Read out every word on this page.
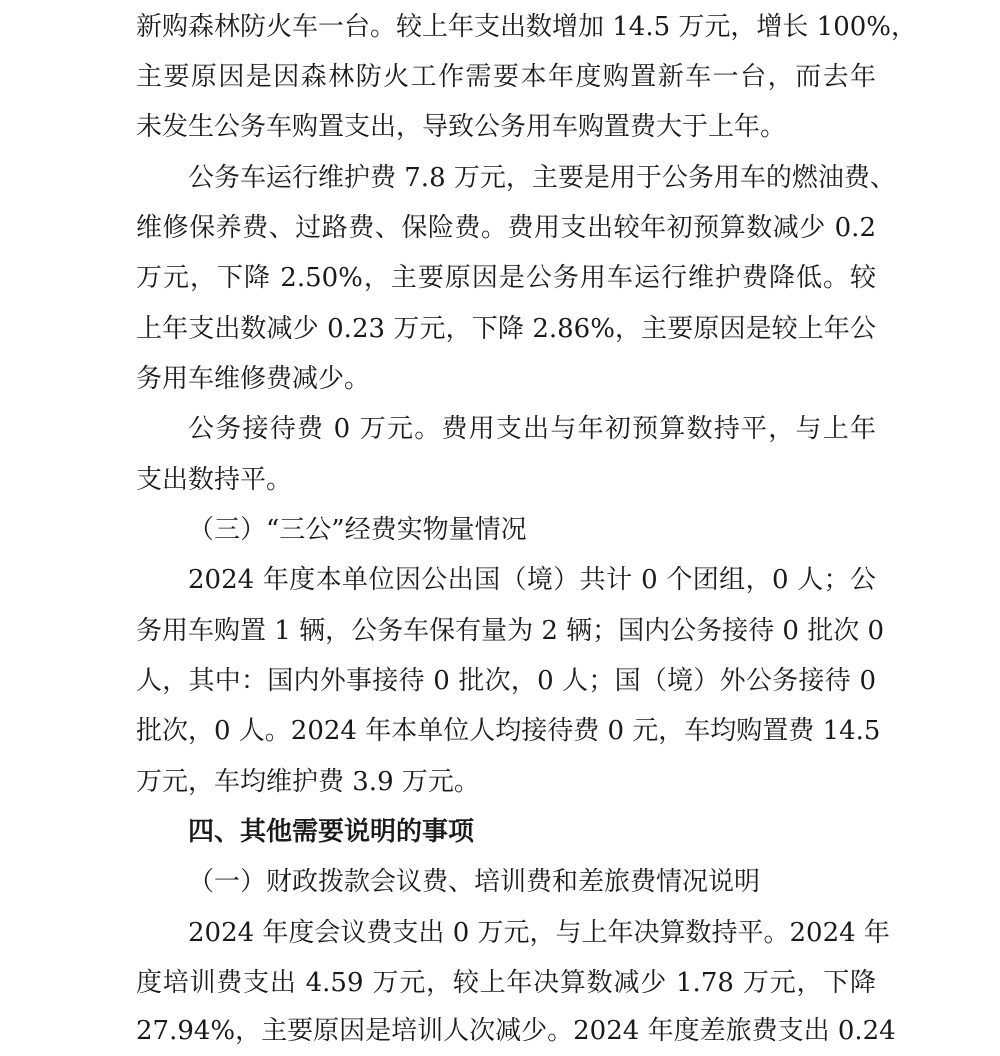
新购森林防火车一台。较上年支出数增加 14.5 万元，增长 100%，
主要原因是因森林防火工作需要本年度购置新车一台，而去年
未发生公务车购置支出，导致公务用车购置费大于上年。
公务车运行维护费 7.8 万元，主要是用于公务用车的燃油费、
维修保养费、过路费、保险费。费用支出较年初预算数减少 0.2
万元，下降 2.50%，主要原因是公务用车运行维护费降低。较
上年支出数减少 0.23 万元，下降 2.86%，主要原因是较上年公
务用车维修费减少。
公务接待费 0 万元。费用支出与年初预算数持平，与上年
支出数持平。
（三）“三公”经费实物量情况
2024 年度本单位因公出国（境）共计 0 个团组，0 人；公
务用车购置 1 辆，公务车保有量为 2 辆；国内公务接待 0 批次 0
人，其中：国内外事接待 0 批次，0 人；国（境）外公务接待 0
批次，0 人。2024 年本单位人均接待费 0 元，车均购置费 14.5
万元，车均维护费 3.9 万元。
四、其他需要说明的事项
（一）财政拨款会议费、培训费和差旅费情况说明
2024 年度会议费支出 0 万元，与上年决算数持平。2024 年
度培训费支出 4.59 万元，较上年决算数减少 1.78 万元，下降
27.94%，主要原因是培训人次减少。2024 年度差旅费支出 0.24
